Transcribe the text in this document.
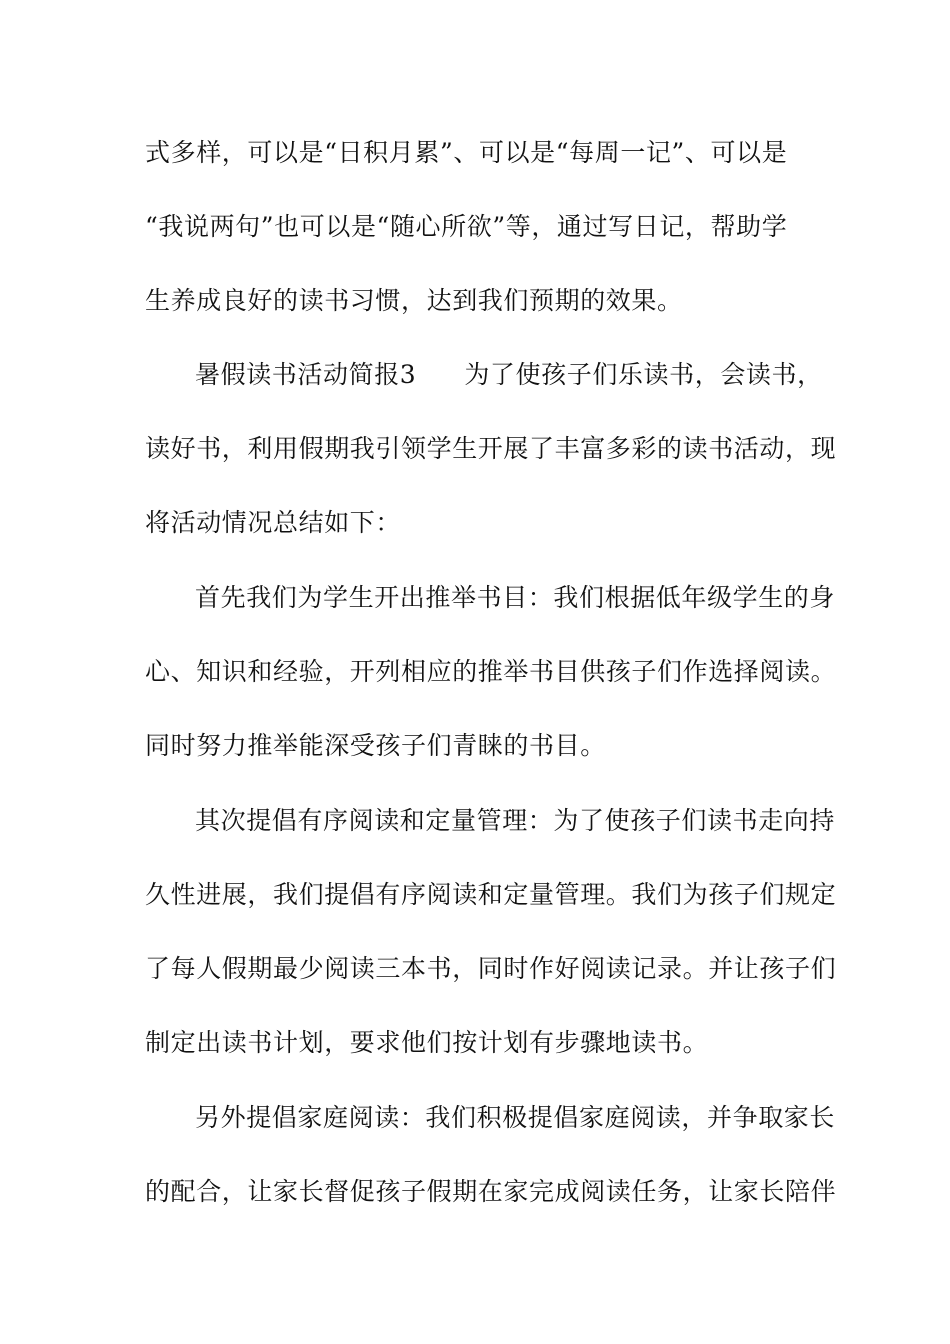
式多样，可以是“日积月累”、可以是“每周一记”、可以是
“我说两句”也可以是“随心所欲”等，通过写日记，帮助学
生养成良好的读书习惯，达到我们预期的效果。
暑假读书活动简报3 为了使孩子们乐读书，会读书，
读好书，利用假期我引领学生开展了丰富多彩的读书活动，现
将活动情况总结如下：
首先我们为学生开出推举书目：我们根据低年级学生的身
心、知识和经验，开列相应的推举书目供孩子们作选择阅读。
同时努力推举能深受孩子们青睐的书目。
其次提倡有序阅读和定量管理：为了使孩子们读书走向持
久性进展，我们提倡有序阅读和定量管理。我们为孩子们规定
了每人假期最少阅读三本书，同时作好阅读记录。并让孩子们
制定出读书计划，要求他们按计划有步骤地读书。
另外提倡家庭阅读：我们积极提倡家庭阅读，并争取家长
的配合，让家长督促孩子假期在家完成阅读任务，让家长陪伴
